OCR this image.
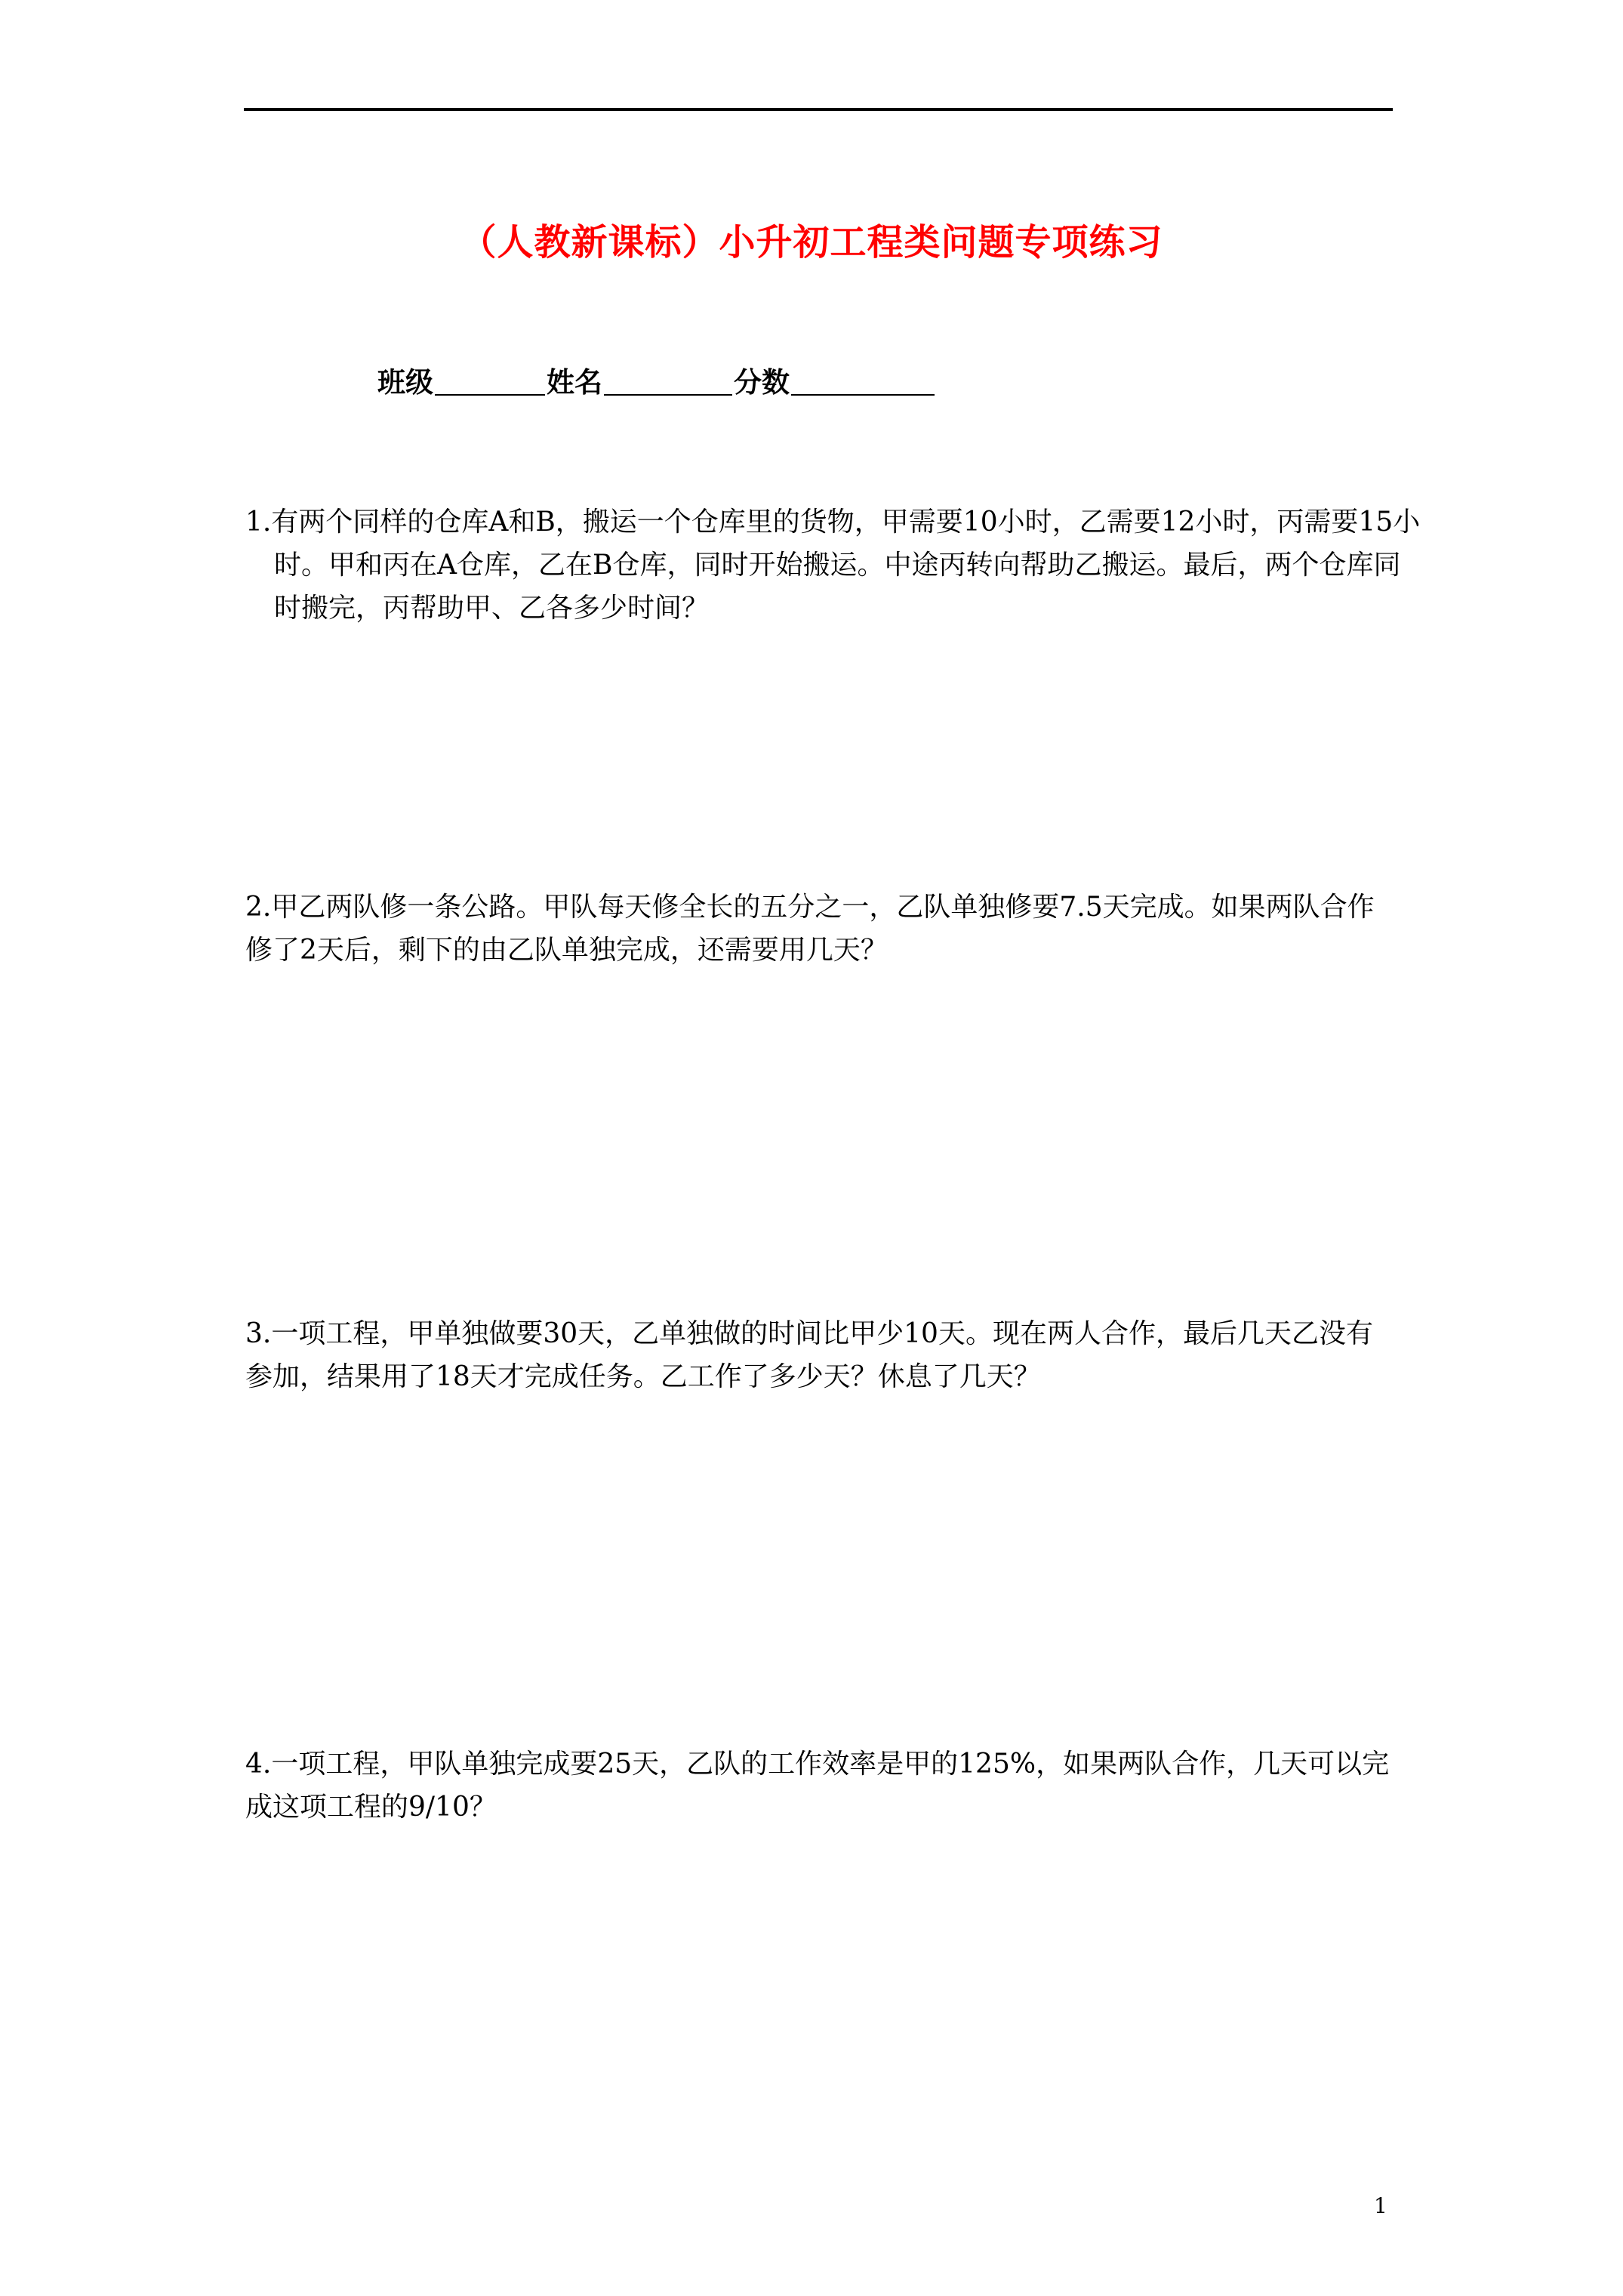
（人教新课标）小升初工程类问题专项练习
班级	姓名	分数

1.有两个同样的仓库A和B，搬运一个仓库里的货物，甲需要10小时，乙需要12小时，丙需要15小时。甲和丙在A仓库，乙在B仓库，同时开始搬运。中途丙转向帮助乙搬运。最后，两个仓库同时搬完，丙帮助甲、乙各多少时间？

2.甲乙两队修一条公路。甲队每天修全长的五分之一，乙队单独修要7.5天完成。如果两队合作修了2天后，剩下的由乙队单独完成，还需要用几天？

3.一项工程，甲单独做要30天，乙单独做的时间比甲少10天。现在两人合作，最后几天乙没有参加，结果用了18天才完成任务。乙工作了多少天？休息了几天？

4.一项工程，甲队单独完成要25天，乙队的工作效率是甲的125%，如果两队合作，几天可以完成这项工程的9/10？

1
